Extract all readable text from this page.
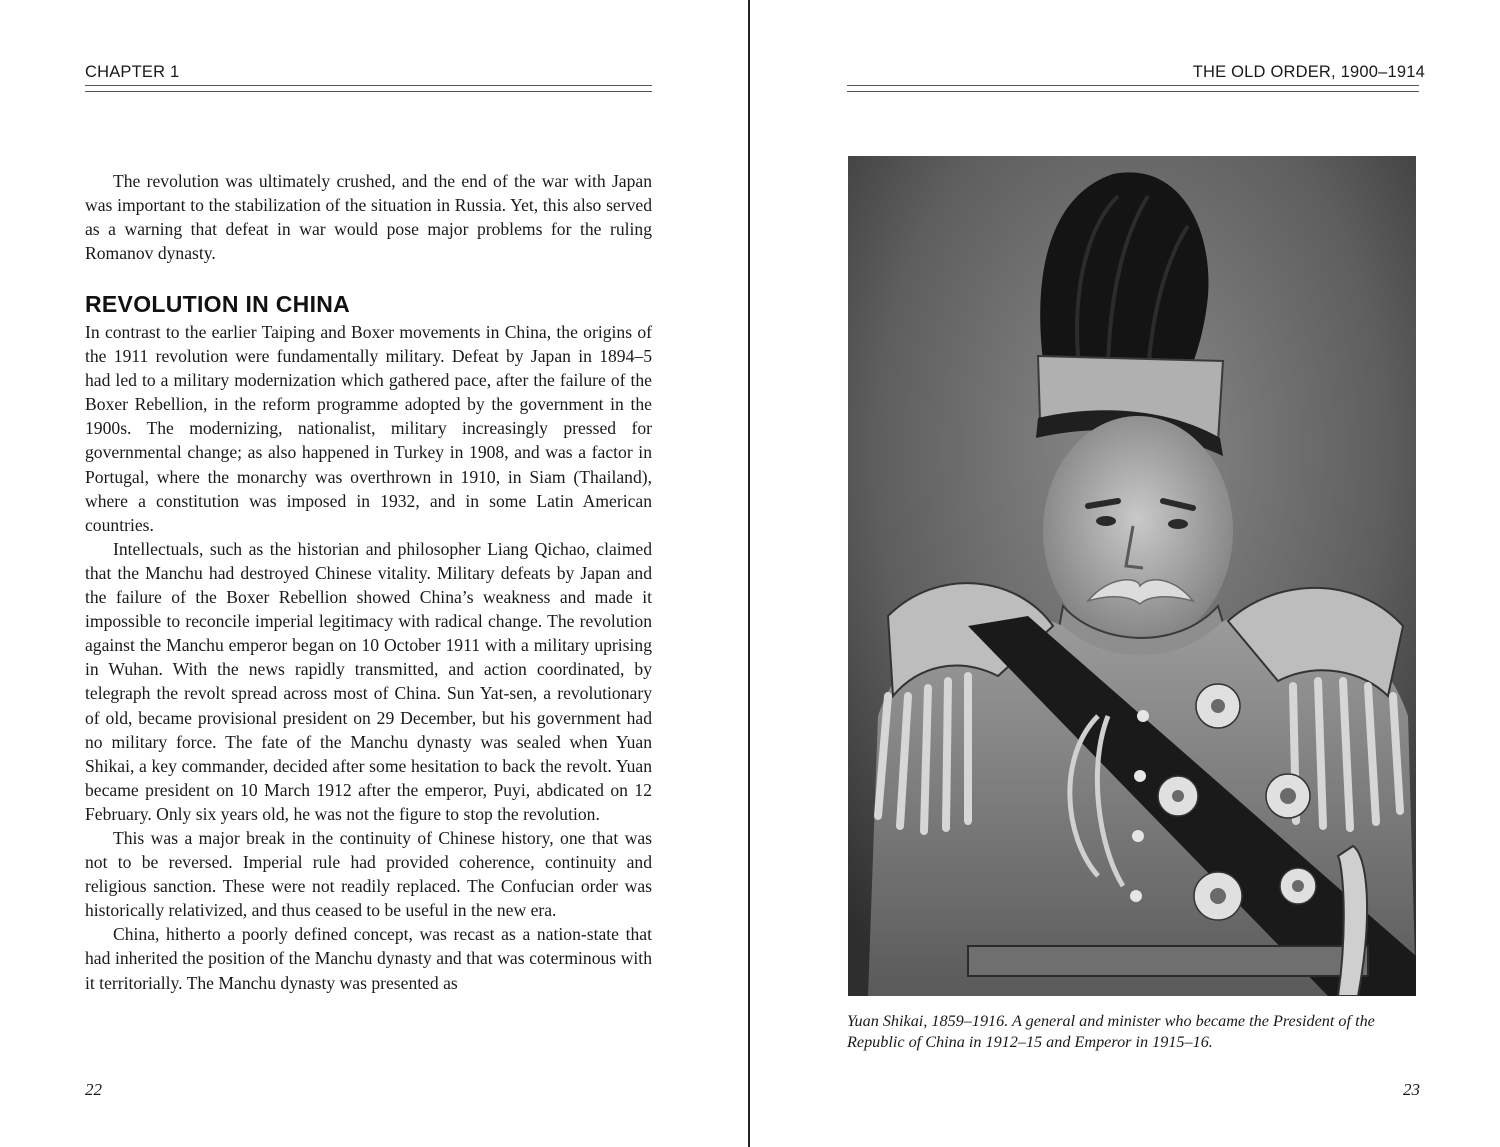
CHAPTER 1

The revolution was ultimately crushed, and the end of the war with Japan was important to the stabilization of the situation in Russia. Yet, this also served as a warning that defeat in war would pose major problems for the ruling Romanov dynasty.

REVOLUTION IN CHINA

In contrast to the earlier Taiping and Boxer movements in China, the origins of the 1911 revolution were fundamentally military. Defeat by Japan in 1894–5 had led to a military modernization which gathered pace, after the failure of the Boxer Rebellion, in the reform programme adopted by the government in the 1900s. The modernizing, nationalist, military increasingly pressed for governmental change; as also happened in Turkey in 1908, and was a factor in Portugal, where the monarchy was overthrown in 1910, in Siam (Thailand), where a constitution was imposed in 1932, and in some Latin American countries.

Intellectuals, such as the historian and philosopher Liang Qichao, claimed that the Manchu had destroyed Chinese vitality. Military defeats by Japan and the failure of the Boxer Rebellion showed China’s weakness and made it impossible to reconcile imperial legitimacy with radical change. The revolution against the Manchu emperor began on 10 October 1911 with a military uprising in Wuhan. With the news rapidly transmitted, and action coordinated, by telegraph the revolt spread across most of China. Sun Yat-sen, a revolutionary of old, became provisional president on 29 December, but his government had no military force. The fate of the Manchu dynasty was sealed when Yuan Shikai, a key commander, decided after some hesitation to back the revolt. Yuan became president on 10 March 1912 after the emperor, Puyi, abdicated on 12 February. Only six years old, he was not the figure to stop the revolution.

This was a major break in the continuity of Chinese history, one that was not to be reversed. Imperial rule had provided coherence, continuity and religious sanction. These were not readily replaced. The Confucian order was historically relativized, and thus ceased to be useful in the new era.

China, hitherto a poorly defined concept, was recast as a nation-state that had inherited the position of the Manchu dynasty and that was coterminous with it territorially. The Manchu dynasty was presented as

22
THE OLD ORDER, 1900–1914
Yuan Shikai, 1859–1916. A general and minister who became the President of the Republic of China in 1912–15 and Emperor in 1915–16.
23
